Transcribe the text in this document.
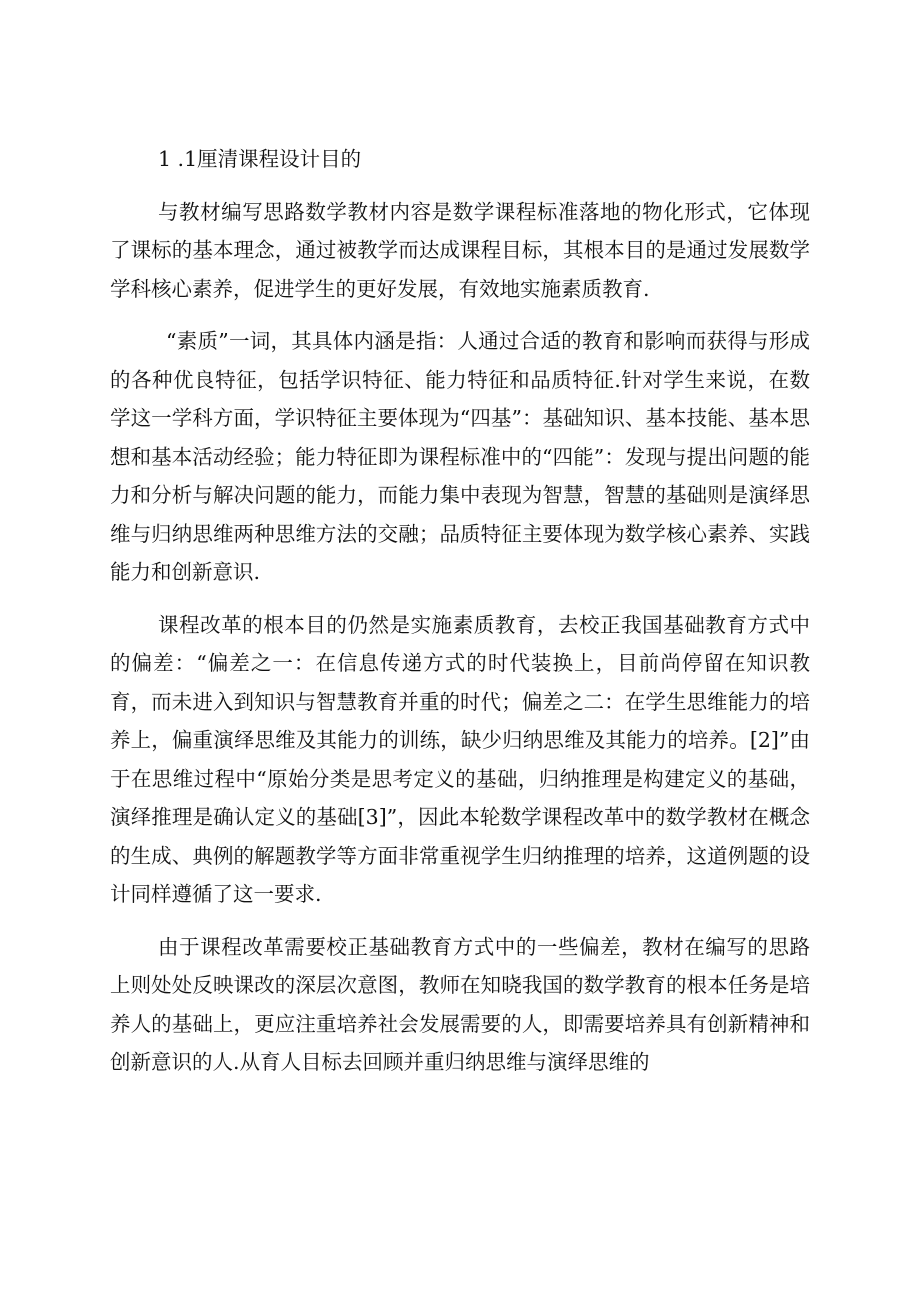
1 .1厘清课程设计目的

与教材编写思路数学教材内容是数学课程标准落地的物化形式，它体现了课标的基本理念，通过被教学而达成课程目标，其根本目的是通过发展数学学科核心素养，促进学生的更好发展，有效地实施素质教育.

“素质”一词，其具体内涵是指：人通过合适的教育和影响而获得与形成的各种优良特征，包括学识特征、能力特征和品质特征.针对学生来说，在数学这一学科方面，学识特征主要体现为“四基”：基础知识、基本技能、基本思想和基本活动经验；能力特征即为课程标准中的“四能”：发现与提出问题的能力和分析与解决问题的能力，而能力集中表现为智慧，智慧的基础则是演绎思维与归纳思维两种思维方法的交融；品质特征主要体现为数学核心素养、实践能力和创新意识.

课程改革的根本目的仍然是实施素质教育，去校正我国基础教育方式中的偏差：“偏差之一：在信息传递方式的时代装换上，目前尚停留在知识教育，而未进入到知识与智慧教育并重的时代；偏差之二：在学生思维能力的培养上，偏重演绎思维及其能力的训练，缺少归纳思维及其能力的培养。[2]”由于在思维过程中“原始分类是思考定义的基础，归纳推理是构建定义的基础，演绎推理是确认定义的基础[3]”，因此本轮数学课程改革中的数学教材在概念的生成、典例的解题教学等方面非常重视学生归纳推理的培养，这道例题的设计同样遵循了这一要求.

由于课程改革需要校正基础教育方式中的一些偏差，教材在编写的思路上则处处反映课改的深层次意图，教师在知晓我国的数学教育的根本任务是培养人的基础上，更应注重培养社会发展需要的人，即需要培养具有创新精神和创新意识的人.从育人目标去回顾并重归纳思维与演绎思维的
